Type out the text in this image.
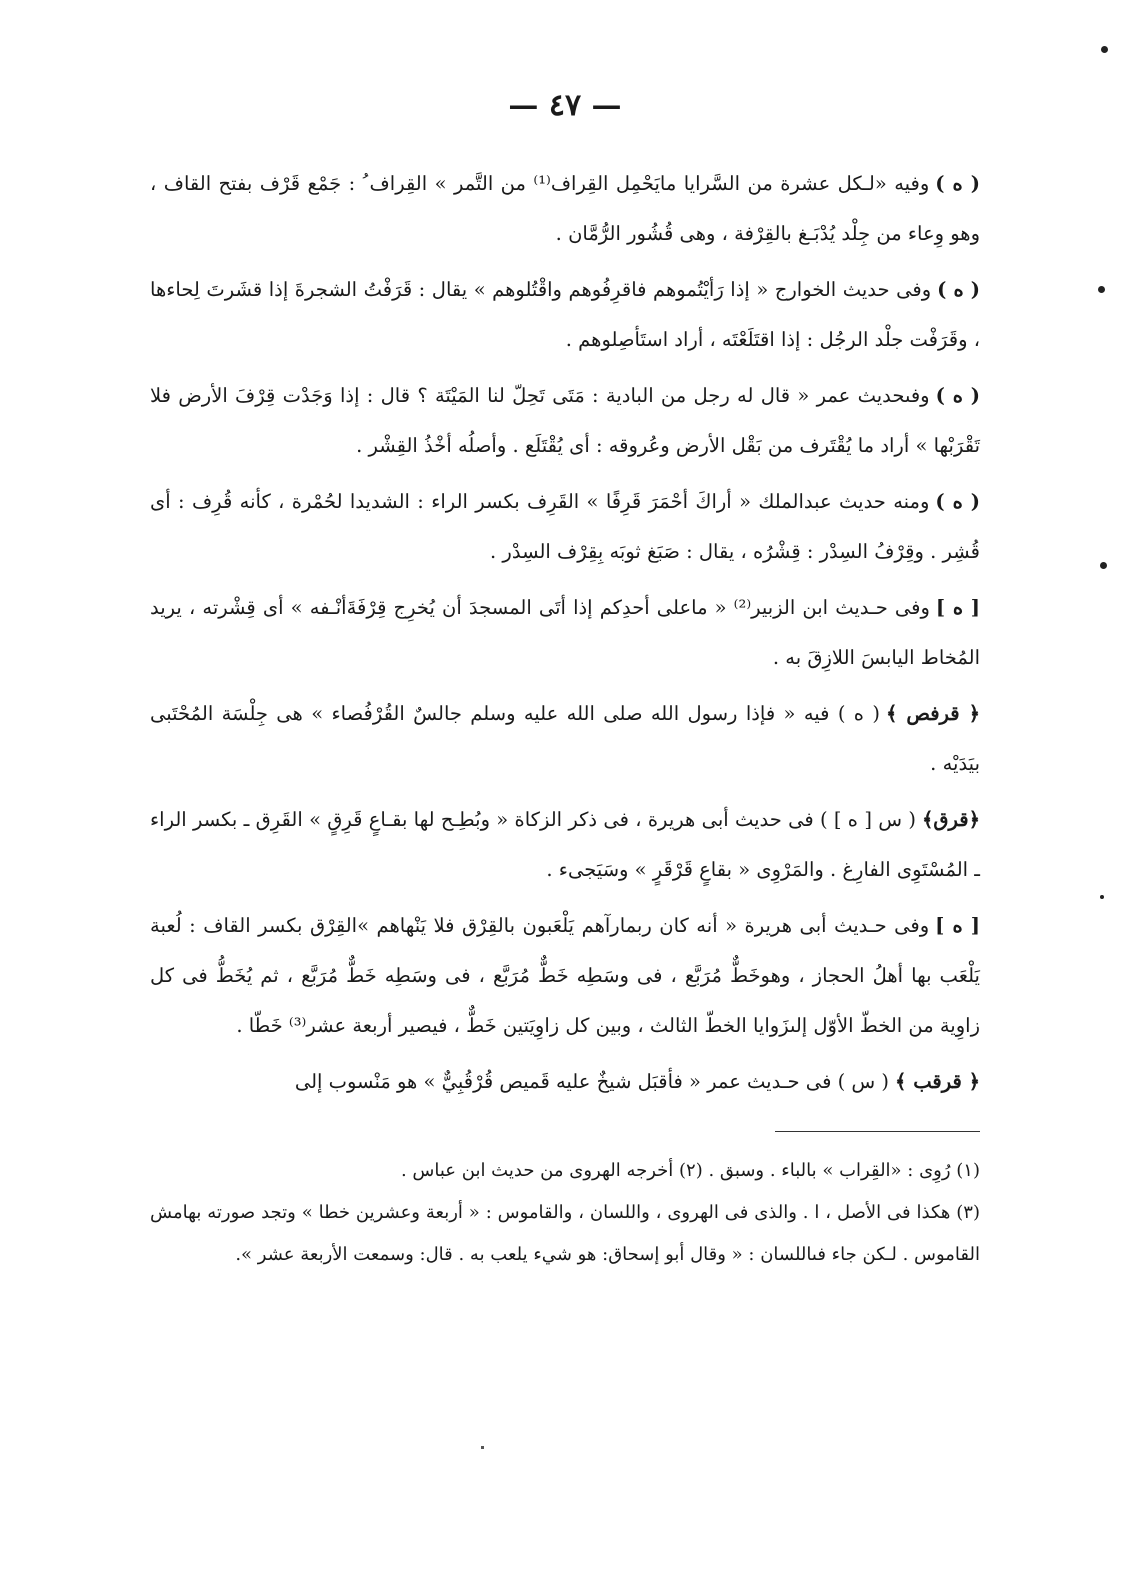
— ٤٧ —

( ه )وفيه «لـكل عشرة من السَّرايا مايَحْمِل القِراف⁽¹⁾ من التَّمر » القِراف ُ : جَمْع قَرْف بفتح القاف ، وهو وِعاء من جِلْد يُدْبَـغ بالقِرْفة ، وهى قُشُور الرُّمَّان .

( ه )وفى حديث الخوارج « إذا رَأيْتُموهم فاقرِفُوهم واقْتُلوهم » يقال : قَرَفْتُ الشجرةَ إذا قشَرتَ لِحاءها ، وقَرَفْت جلْد الرجُل : إذا اقتَلَعْتَه ، أراد استَأصِلوهم .

( ه )وفىحديث عمر « قال له رجل من البادية : مَتَى تَحِلّ لنا المَيْتَة ؟ قال : إذا وَجَدْت قِرْفَ الأرض فلا تَقْرَبْها » أراد ما يُقْتَرف من بَقْل الأرض وعُروقه : أى يُقْتَلَع . وأصلُه أخْذُ القِشْر .

( ه )ومنه حديث عبدالملك « أراكَ أحْمَرَ قَرِفًا » القَرِف بكسر الراء : الشديدا لحُمْرة ، كأنه قُرِف : أى قُشِر . وقِرْفُ السِدْر : قِشْرُه ، يقال : صَبَغ ثوبَه بِقِرْف السِدْر .

[ ه ]وفى حـديث ابن الزبير⁽²⁾ « ماعلى أحدِكم إذا أتَى المسجدَ أن يُخرِج قِرْفَةَأنْـفه » أى قِشْرته ، يريد المُخاط اليابسَ اللازِقَ به .

﴿ قرفص ﴾( ه ) فيه « فإذا رسول الله صلى الله عليه وسلم جالسٌ القُرْفُصاء » هى جِلْسَة المُحْتَبى بيَدَيْه .

﴿قرق﴾( س [ ه ] ) فى حديث أبى هريرة ، فى ذكر الزكاة « وبُطِـح لها بقـاعٍ قَرِقٍ » القَرِق ـ بكسر الراء ـ المُسْتَوِى الفارِغ . والمَرْوِى « بقاعٍ قَرْقَرٍ » وسَيَجىء .

[ ه ]وفى حـديث أبى هريرة « أنه كان ربمارآهم يَلْعَبون بالقِرْق فلا يَنْهاهم »القِرْق بكسر القاف : لُعبة يَلْعَب بها أهلُ الحجاز ، وهوخَطٌّ مُرَبَّع ، فى وسَطِه خَطٌّ مُرَبَّع ، فى وسَطِه خَطٌّ مُرَبَّع ، ثم يُخَطُّ فى كل زاوِية من الخطّ الأوّل إلىزَوايا الخطّ الثالث ، وبين كل زاوِيَتين خَطٌّ ، فيصير أربعة عشر⁽³⁾ خَطّا .

﴿ قرقب ﴾( س ) فى حـديث عمر « فأقبَل شيخٌ عليه قَميص قُرْقُبِيٌّ » هو مَنْسوب إلى

(١) رُوِى : «القِراب » بالباء . وسبق . (٢) أخرجه الهروى من حديث ابن عباس .

(٣) هكذا فى الأصل ، ا . والذى فى الهروى ، واللسان ، والقاموس : « أربعة وعشرين خطا » وتجد صورته بهامش القاموس . لـكن جاء فىاللسان : « وقال أبو إسحاق: هو شيء يلعب به . قال: وسمعت الأربعة عشر ».
